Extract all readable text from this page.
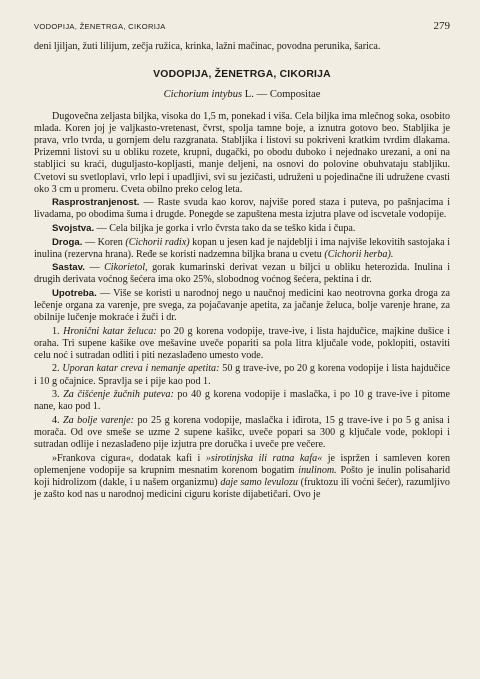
VODOPIJA, ŽENETRGA, CIKORIJA	279

deni ljiljan, žuti lilijum, zečja ružica, krinka, lažni mačinac, povodna perunika, šarica.

VODOPIJA, ŽENETRGA, CIKORIJA
Cichorium intybus L. — Compositae

Dugovečna zeljasta biljka, visoka do 1,5 m, ponekad i viša. Cela biljka ima mlečnog soka, osobito mlada. Koren joj je valjkasto-vretenast, čvrst, spolja tamne boje, a iznutra gotovo beo. Stabljika je prava, vrlo tvrda, u gornjem delu razgranata. Stabljika i listovi su pokriveni kratkim tvrdim dlakama. Prizemni listovi su u obliku rozete, krupni, dugački, po obodu duboko i nejednako urezani, a oni na stabljici su kraći, duguljasto-kopljasti, manje deljeni, na osnovi do polovine obuhvataju stabljiku. Cvetovi su svetloplavi, vrlo lepi i upadljivi, svi su jezičasti, udruženi u pojedinačne ili udružene cvasti oko 3 cm u promeru. Cveta obilno preko celog leta.

Rasprostranjenost. — Raste svuda kao korov, najviše pored staza i puteva, po pašnjacima i livadama, po obodima šuma i drugde. Ponegde se zapuštena mesta izjutra plave od iscvetale vodopije.

Svojstva. — Cela biljka je gorka i vrlo čvrsta tako da se teško kida i čupa.

Droga. — Koren (Cichorii radix) kopan u jesen kad je najdeblji i ima najviše lekovitih sastojaka i inulina (rezervna hrana). Ređe se koristi nadzemna biljka brana u cvetu (Cichorii herba).

Sastav. — Cikorietol, gorak kumarinski derivat vezan u biljci u obliku heterozida. Inulina i drugih derivata voćnog šećera ima oko 25%, slobodnog voćnog šećera, pektina i dr.

Upotreba. — Više se koristi u narodnoj nego u naučnoj medicini kao neotrovna gorka droga za lečenje organa za varenje, pre svega, za pojačavanje apetita, za jačanje želuca, bolje varenje hrane, za obilnije lučenje mokraće i žuči i dr.

1. Hronični katar želuca: po 20 g korena vodopije, trave-ive, i lista hajdučice, majkine dušice i oraha. Tri supene kašike ove mešavine uveče popariti sa pola litra ključale vode, poklopiti, ostaviti celu noć i sutradan odliti i piti nezaslađeno umesto vode.

2. Uporan katar creva i nemanje apetita: 50 g trave-ive, po 20 g korena vodopije i lista hajdučice i 10 g očajnice. Spravlja se i pije kao pod 1.

3. Za čišćenje žučnih puteva: po 40 g korena vodopije i maslačka, i po 10 g trave-ive i pitome nane, kao pod 1.

4. Za bolje varenje: po 25 g korena vodopije, maslačka i iđirota, 15 g trave-ive i po 5 g anisa i morača. Od ove smeše se uzme 2 supene kašikc, uveče popari sa 300 g ključale vode, poklopi i sutradan odlije i nezaslađeno pije izjutra pre doručka i uveče pre večere.

»Frankova cigura«, dodatak kafi i »sirotinjska ili ratna kafa« je ispržen i samleven koren oplemenjene vodopije sa krupnim mesnatim korenom bogatim inulinom. Pošto je inulin polisaharid koji hidrolizom (dakle, i u našem organizmu) daje samo levulozu (fruktozu ili voćni šećer), razumljivo je zašto kod nas u narodnoj medicini ciguru koriste dijabetičari. Ovo je
